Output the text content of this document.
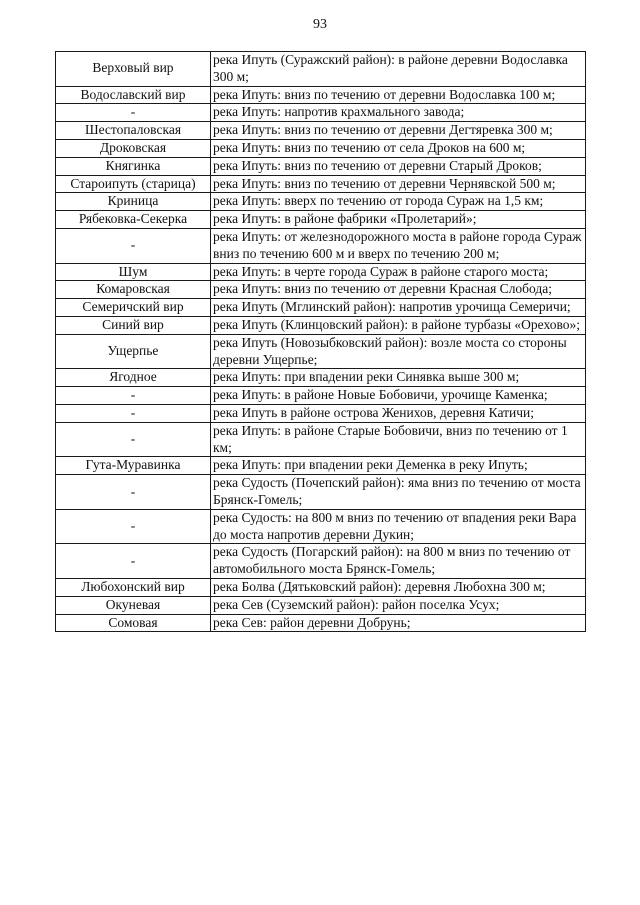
93
Верховый вир	река Ипуть (Суражский район): в районе деревни Водославка 300 м;
Водославский вир	река Ипуть: вниз по течению от деревни Водославка 100 м;
-	река Ипуть: напротив крахмального завода;
Шестопаловская	река Ипуть: вниз по течению от деревни Дегтяревка 300 м;
Дроковская	река Ипуть: вниз по течению от села Дроков на 600 м;
Княгинка	река Ипуть: вниз по течению от деревни Старый Дроков;
Староипуть (старица)	река Ипуть: вниз по течению от деревни Чернявской 500 м;
Криница	река Ипуть: вверх по течению от города Сураж на 1,5 км;
Рябековка-Секерка	река Ипуть: в районе фабрики «Пролетарий»;
-	река Ипуть: от железнодорожного моста в районе города Сураж вниз по течению 600 м и вверх по течению 200 м;
Шум	река Ипуть: в черте города Сураж в районе старого моста;
Комаровская	река Ипуть: вниз по течению от деревни Красная Слобода;
Семеричский вир	река Ипуть (Мглинский район): напротив урочища Семеричи;
Синий вир	река Ипуть (Клинцовский район): в районе турбазы «Орехово»;
Ущерпье	река Ипуть (Новозыбковский район): возле моста со стороны деревни Ущерпье;
Ягодное	река Ипуть: при впадении реки Синявка выше 300 м;
-	река Ипуть: в районе Новые Бобовичи, урочище Каменка;
-	река Ипуть в районе острова Женихов, деревня Катичи;
-	река Ипуть: в районе Старые Бобовичи, вниз по течению от 1 км;
Гута-Муравинка	река Ипуть: при впадении реки Деменка в реку Ипуть;
-	река Судость (Почепский район): яма вниз по течению от моста Брянск-Гомель;
-	река Судость: на 800 м вниз по течению от впадения реки Вара до моста напротив деревни Дукин;
-	река Судость (Погарский район): на 800 м вниз по течению от автомобильного моста Брянск-Гомель;
Любохонский вир	река Болва (Дятьковский район): деревня Любохна 300 м;
Окуневая	река Сев (Суземский район): район поселка Усух;
Сомовая	река Сев: район деревни Добрунь;
